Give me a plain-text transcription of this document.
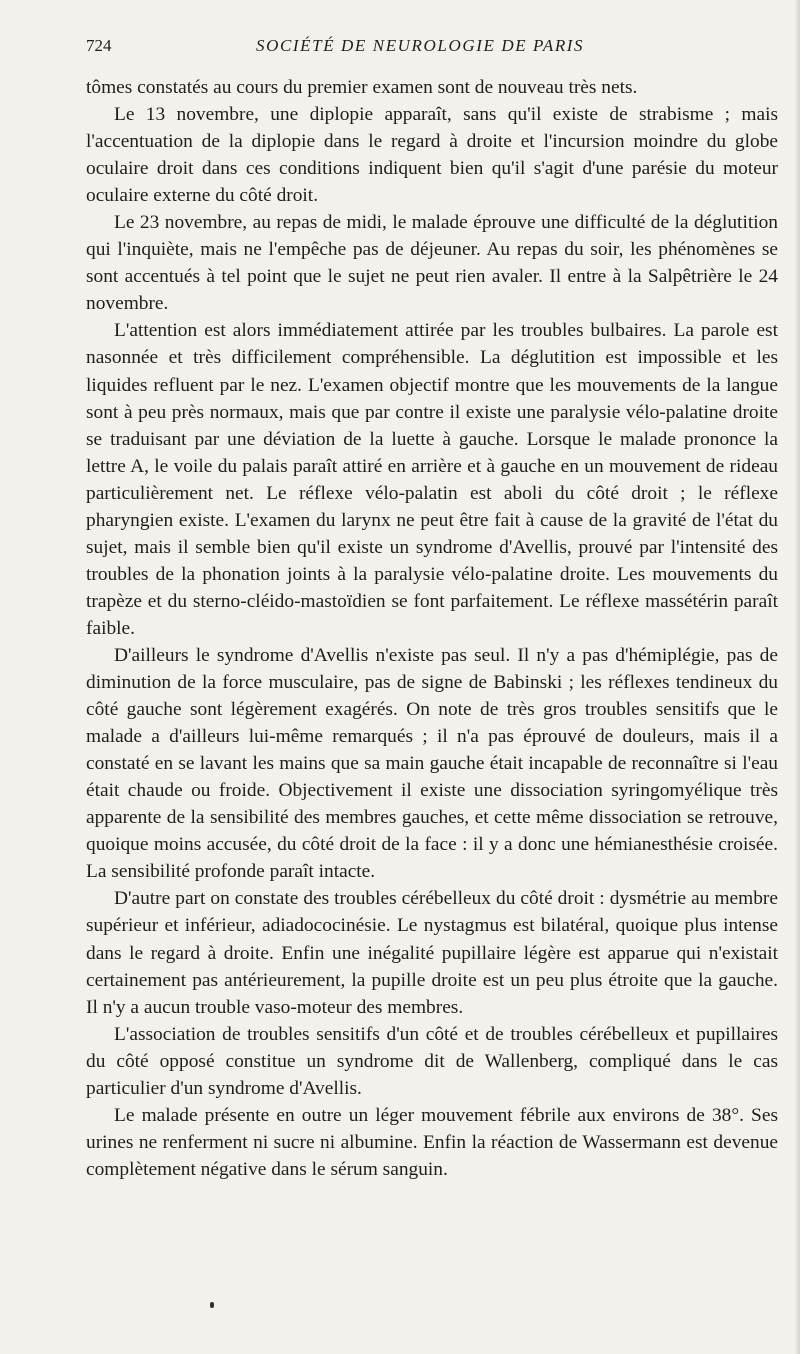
724	SOCIÉTÉ DE NEUROLOGIE DE PARIS

tômes constatés au cours du premier examen sont de nouveau très nets.

Le 13 novembre, une diplopie apparaît, sans qu'il existe de strabisme ; mais l'accentuation de la diplopie dans le regard à droite et l'incursion moindre du globe oculaire droit dans ces conditions indiquent bien qu'il s'agit d'une parésie du moteur oculaire externe du côté droit.

Le 23 novembre, au repas de midi, le malade éprouve une difficulté de la déglutition qui l'inquiète, mais ne l'empêche pas de déjeuner. Au repas du soir, les phénomènes se sont accentués à tel point que le sujet ne peut rien avaler. Il entre à la Salpêtrière le 24 novembre.

L'attention est alors immédiatement attirée par les troubles bulbaires. La parole est nasonnée et très difficilement compréhensible. La déglutition est impossible et les liquides refluent par le nez. L'examen objectif montre que les mouvements de la langue sont à peu près normaux, mais que par contre il existe une paralysie vélo-palatine droite se traduisant par une déviation de la luette à gauche. Lorsque le malade prononce la lettre A, le voile du palais paraît attiré en arrière et à gauche en un mouvement de rideau particulièrement net. Le réflexe vélo-palatin est aboli du côté droit ; le réflexe pharyngien existe. L'examen du larynx ne peut être fait à cause de la gravité de l'état du sujet, mais il semble bien qu'il existe un syndrome d'Avellis, prouvé par l'intensité des troubles de la phonation joints à la paralysie vélo-palatine droite. Les mouvements du trapèze et du sterno-cléido-mastoïdien se font parfaitement. Le réflexe massétérin paraît faible.

D'ailleurs le syndrome d'Avellis n'existe pas seul. Il n'y a pas d'hémiplégie, pas de diminution de la force musculaire, pas de signe de Babinski ; les réflexes tendineux du côté gauche sont légèrement exagérés. On note de très gros troubles sensitifs que le malade a d'ailleurs lui-même remarqués ; il n'a pas éprouvé de douleurs, mais il a constaté en se lavant les mains que sa main gauche était incapable de reconnaître si l'eau était chaude ou froide. Objectivement il existe une dissociation syringomyélique très apparente de la sensibilité des membres gauches, et cette même dissociation se retrouve, quoique moins accusée, du côté droit de la face : il y a donc une hémianesthésie croisée. La sensibilité profonde paraît intacte.

D'autre part on constate des troubles cérébelleux du côté droit : dysmétrie au membre supérieur et inférieur, adiadococinésie. Le nystagmus est bilatéral, quoique plus intense dans le regard à droite. Enfin une inégalité pupillaire légère est apparue qui n'existait certainement pas antérieurement, la pupille droite est un peu plus étroite que la gauche. Il n'y a aucun trouble vaso-moteur des membres.

L'association de troubles sensitifs d'un côté et de troubles cérébelleux et pupillaires du côté opposé constitue un syndrome dit de Wallenberg, compliqué dans le cas particulier d'un syndrome d'Avellis.

Le malade présente en outre un léger mouvement fébrile aux environs de 38°. Ses urines ne renferment ni sucre ni albumine. Enfin la réaction de Wassermann est devenue complètement négative dans le sérum sanguin.
